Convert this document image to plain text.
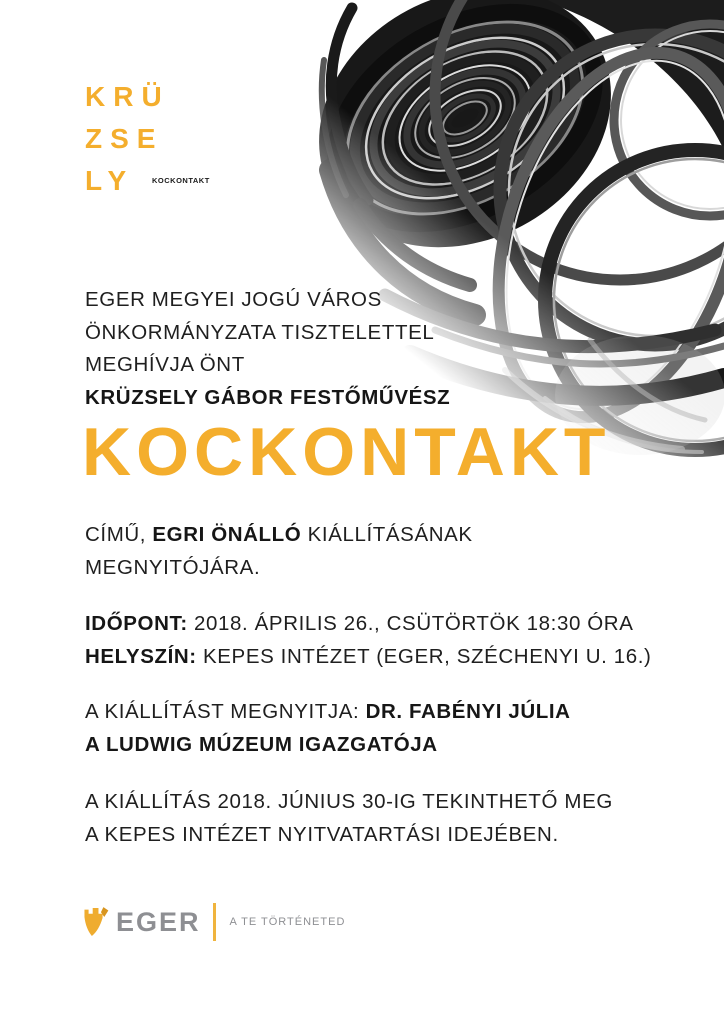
KRÜ
ZSE
LY	KOCKONTAKT
EGER MEGYEI JOGÚ VÁROS
ÖNKORMÁNYZATA TISZTELETTEL
MEGHÍVJA ÖNT
KRÜZSELY GÁBOR FESTŐMŰVÉSZ
KOCKONTAKT
CÍMŰ, EGRI ÖNÁLLÓ KIÁLLÍTÁSÁNAK
MEGNYITÓJÁRA.
IDŐPONT: 2018. ÁPRILIS 26., CSÜTÖRTÖK 18:30 ÓRA
HELYSZÍN: KEPES INTÉZET (EGER, SZÉCHENYI U. 16.)
A KIÁLLÍTÁST MEGNYITJA: DR. FABÉNYI JÚLIA
A LUDWIG MÚZEUM IGAZGATÓJA
A KIÁLLÍTÁS 2018. JÚNIUS 30-IG TEKINTHETŐ MEG
A KEPES INTÉZET NYITVATARTÁSI IDEJÉBEN.
EGER	A TE TÖRTÉNETED
